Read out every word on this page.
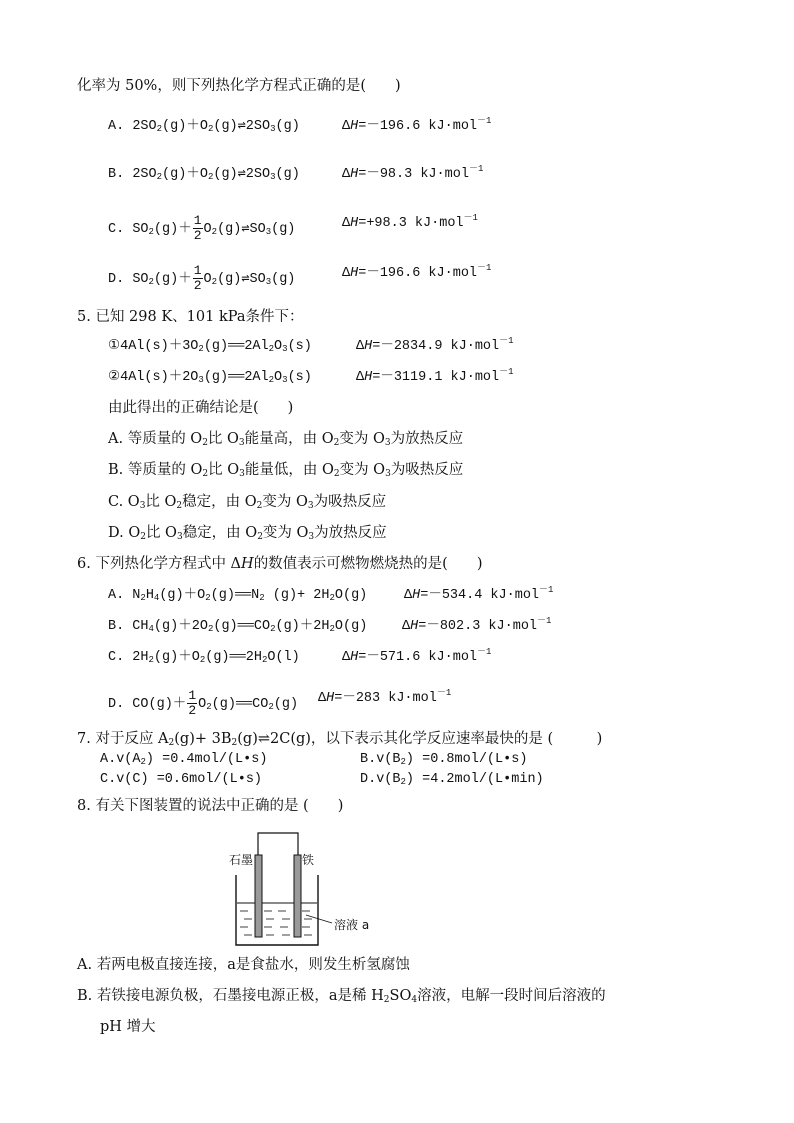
化率为 50%，则下列热化学方程式正确的是(　　)
A. $2SO_2(g)+O_2(g)\rightleftharpoons 2SO_3(g)$	ΔH=－196.6 kJ·mol$^{-1}$
B. $2SO_2(g)+O_2(g)\rightleftharpoons 2SO_3(g)$	ΔH=－98.3 kJ·mol$^{-1}$
C. $SO_2(g)+ \frac{1}{2}$ $O_2(g)\rightleftharpoons SO_3(g)$	ΔH=+98.3 kJ·mol$^{-1}$
D. $SO_2(g)+ \frac{1}{2}$ $O_2(g)\rightleftharpoons SO_3(g)$	ΔH=－196.6 kJ·mol$^{-1}$
5. 已知 298 K、101 kPa条件下：
$①4Al(s)+3O_2(g)══2Al_2O_3(s)$	ΔH=－2834.9 kJ·mol$^{-1}$
$②4Al(s)+2O_3(g)══2Al_2O_3(s)$	ΔH=－3119.1 kJ·mol$^{-1}$
由此得出的正确结论是(　　)
A. 等质量的 $O_2$比 $O_3$能量高，由 $O_2$变为 $O_3$为放热反应
B. 等质量的 $O_2$比 $O_3$能量低，由 $O_2$变为 $O_3$为吸热反应
C. $O_3$比 $O_2$稳定，由 $O_2$变为 $O_3$为吸热反应
D. $O_2$比 $O_3$稳定，由 $O_2$变为 $O_3$为放热反应
6. 下列热化学方程式中 ΔH的数值表示可燃物燃烧热的是(　　)
A. $N_2H_4(g)+O_2(g)══N_2$ $(g)+ 2H_2O(g)$	ΔH=－534.4 kJ·mol$^{-1}$
B. $CH_4(g)+2O_2(g)══CO_2(g)+2H_2O(g)$	ΔH=－802.3 kJ·mol$^{-1}$
C. $2H_2(g)+O_2(g)══2H_2O(l)$	ΔH=－571.6 kJ·mol$^{-1}$
D. $CO(g)+ \frac{1}{2}$ $O_2(g)══CO_2(g)$ ΔH=－283 kJ·mol$^{-1}$
7. 对于反应 $A_2(g)+$ $3B_2(g)\rightleftharpoons 2C(g)$，以下表示其化学反应速率最快的是 (　　　)
$A.v(A_2)$ =0.4mol/(L•s)	$B.v(B_2)$ =0.8mol/(L•s)
C.v(C) =0.6mol/(L•s)	$D.v(B_2)$ =4.2mol/(L•min)
8. 有关下图装置的说法中正确的是 (　　)
石墨	铁
溶液 a
A. 若两电极直接连接，a是食盐水，则发生析氢腐蚀
B. 若铁接电源负极，石墨接电源正极，a是稀 $H_2SO_4$溶液，电解一段时间后溶液的
pH 增大
